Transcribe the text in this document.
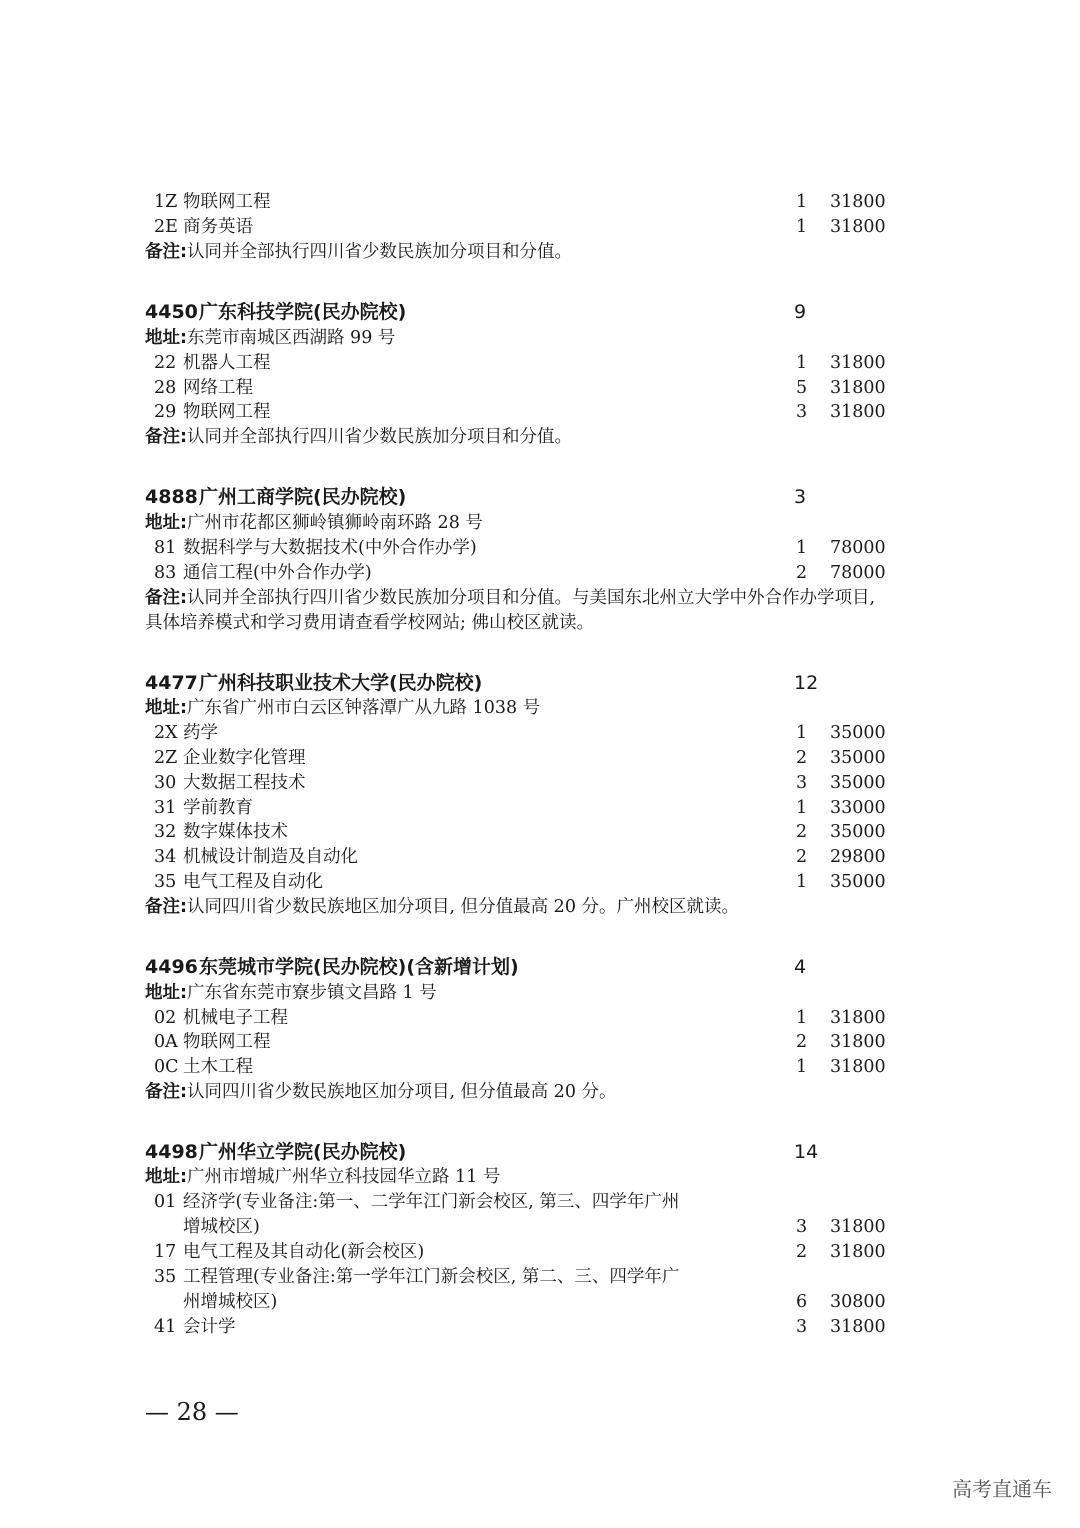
1Z 物联网工程	1 31800
2E 商务英语	1 31800
备注:认同并全部执行四川省少数民族加分项目和分值。
4450 广东科技学院(民办院校)	9
地址:东莞市南城区西湖路 99 号
22 机器人工程	1 31800
28 网络工程	5 31800
29 物联网工程	3 31800
备注:认同并全部执行四川省少数民族加分项目和分值。
4888 广州工商学院(民办院校)	3
地址:广州市花都区狮岭镇狮岭南环路 28 号
81 数据科学与大数据技术(中外合作办学)	1 78000
83 通信工程(中外合作办学)	2 78000
备注:认同并全部执行四川省少数民族加分项目和分值。与美国东北州立大学中外合作办学项目,
具体培养模式和学习费用请查看学校网站; 佛山校区就读。
4477 广州科技职业技术大学(民办院校)	12
地址:广东省广州市白云区钟落潭广从九路 1038 号
2X 药学	1 35000
2Z 企业数字化管理	2 35000
30 大数据工程技术	3 35000
31 学前教育	1 33000
32 数字媒体技术	2 35000
34 机械设计制造及自动化	2 29800
35 电气工程及自动化	1 35000
备注:认同四川省少数民族地区加分项目, 但分值最高 20 分。广州校区就读。
4496 东莞城市学院(民办院校)(含新增计划)	4
地址:广东省东莞市寮步镇文昌路 1 号
02 机械电子工程	1 31800
0A 物联网工程	2 31800
0C 土木工程	1 31800
备注:认同四川省少数民族地区加分项目, 但分值最高 20 分。
4498 广州华立学院(民办院校)	14
地址:广州市增城广州华立科技园华立路 11 号
01 经济学(专业备注:第一、二学年江门新会校区, 第三、四学年广州
增城校区)	3 31800
17 电气工程及其自动化(新会校区)	2 31800
35 工程管理(专业备注:第一学年江门新会校区, 第二、三、四学年广
州增城校区)	6 30800
41 会计学	3 31800
— 28 —
高考直通车
